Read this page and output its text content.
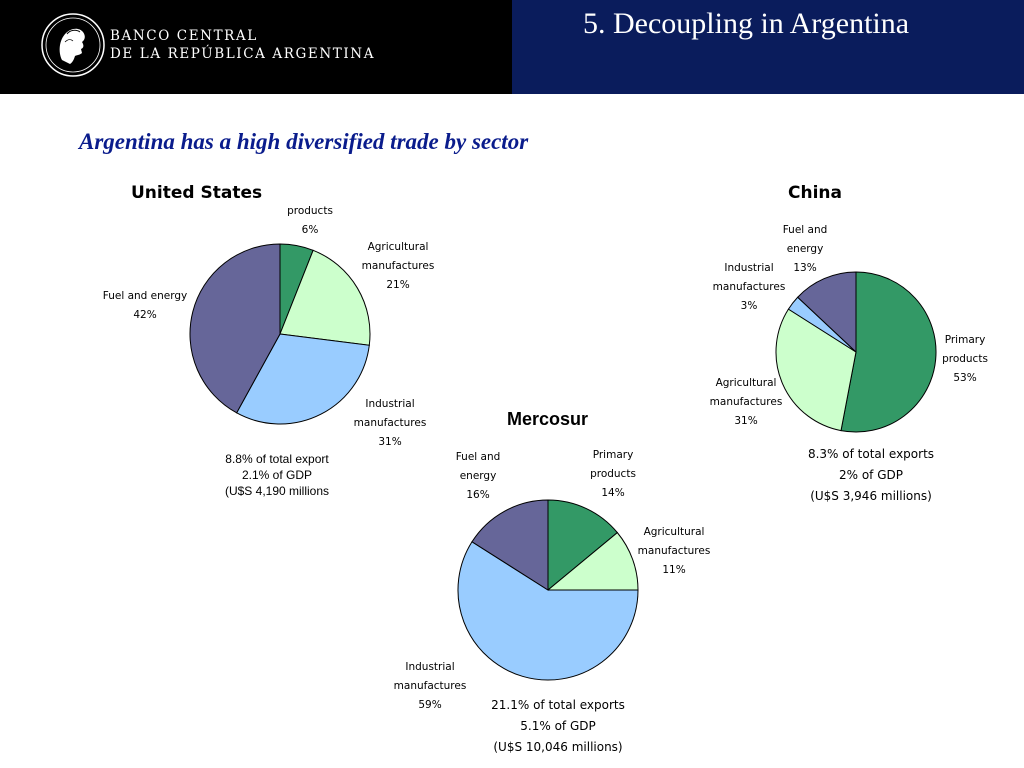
BANCO CENTRAL
DE LA REPÚBLICA ARGENTINA
5. Decoupling in Argentina
Argentina has a high diversified trade by sector
United States
products
6%
Agricultural
manufactures
21%
Industrial
manufactures
31%
Fuel and energy
42%
8.8% of total export
2.1% of GDP
(U$S 4,190 millions
China
Primary
products
53%
Agricultural
manufactures
31%
Industrial
manufactures
3%
Fuel and
energy
13%
8.3% of total exports
2% of GDP
(U$S 3,946 millions)
Mercosur
Primary
products
14%
Agricultural
manufactures
11%
Industrial
manufactures
59%
Fuel and
energy
16%
21.1% of total exports
5.1% of GDP
(U$S 10,046 millions)
